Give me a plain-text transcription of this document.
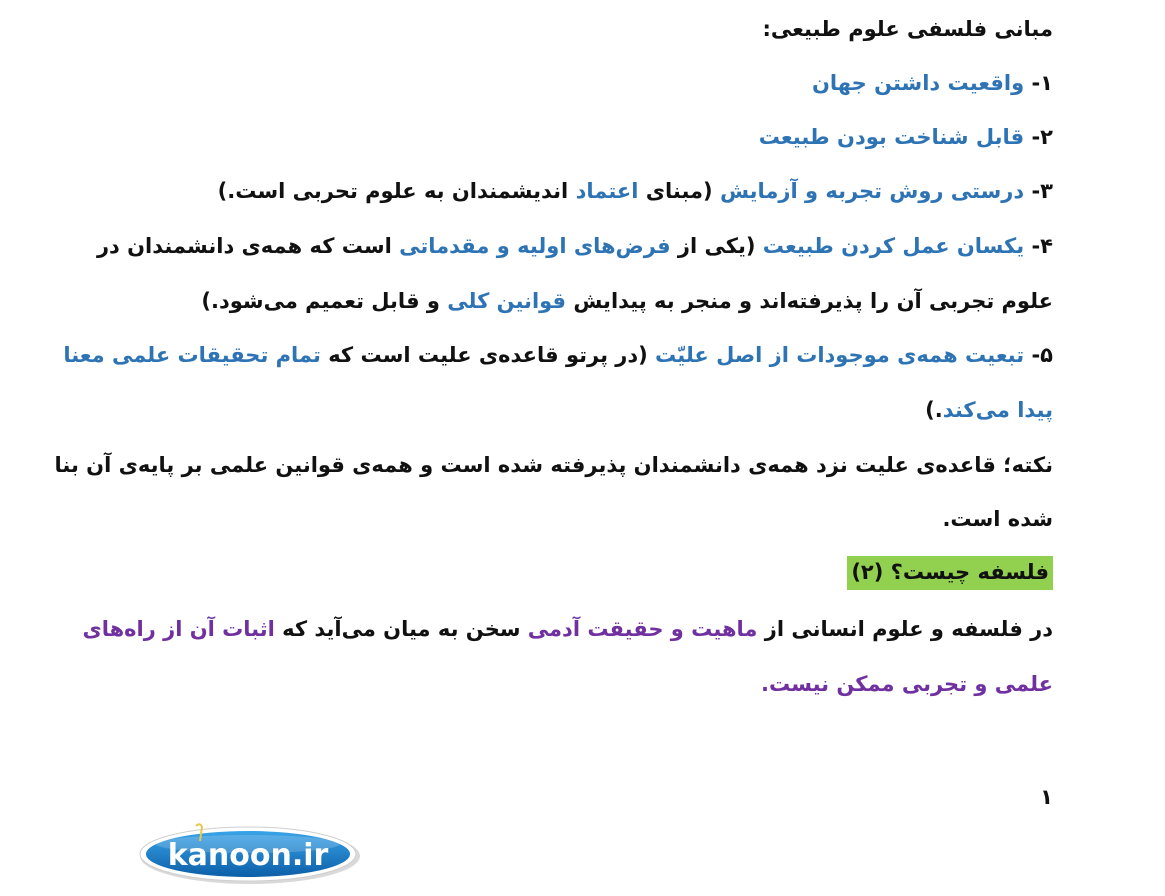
مبانی فلسفی علوم طبیعی:
۱- واقعیت داشتن جهان
۲- قابل شناخت بودن طبیعت
۳- درستی روش تجربه و آزمایش (مبنای اعتماد اندیشمندان به علوم تحربی است.)
۴- یکسان عمل کردن طبیعت (یکی از فرض‌های اولیه و مقدماتی است که همه‌ی دانشمندان در
علوم تجربی آن را پذیرفته‌اند و منجر به پیدایش قوانین کلی و قابل تعمیم می‌شود.)
۵- تبعیت همه‌ی موجودات از اصل علیّت (در پرتو قاعده‌ی علیت است که تمام تحقیقات علمی معنا
پیدا می‌کند.)
نکته؛ قاعده‌ی علیت نزد همه‌ی دانشمندان پذیرفته شده است و همه‌ی قوانین علمی بر پایه‌ی آن بنا
شده است.
فلسفه چیست؟ (۲)
در فلسفه و علوم انسانی از ماهیت و حقیقت آدمی سخن به میان می‌آید که اثبات آن از راه‌های
علمی و تجربی ممکن نیست.
۱
kanoon.ir
